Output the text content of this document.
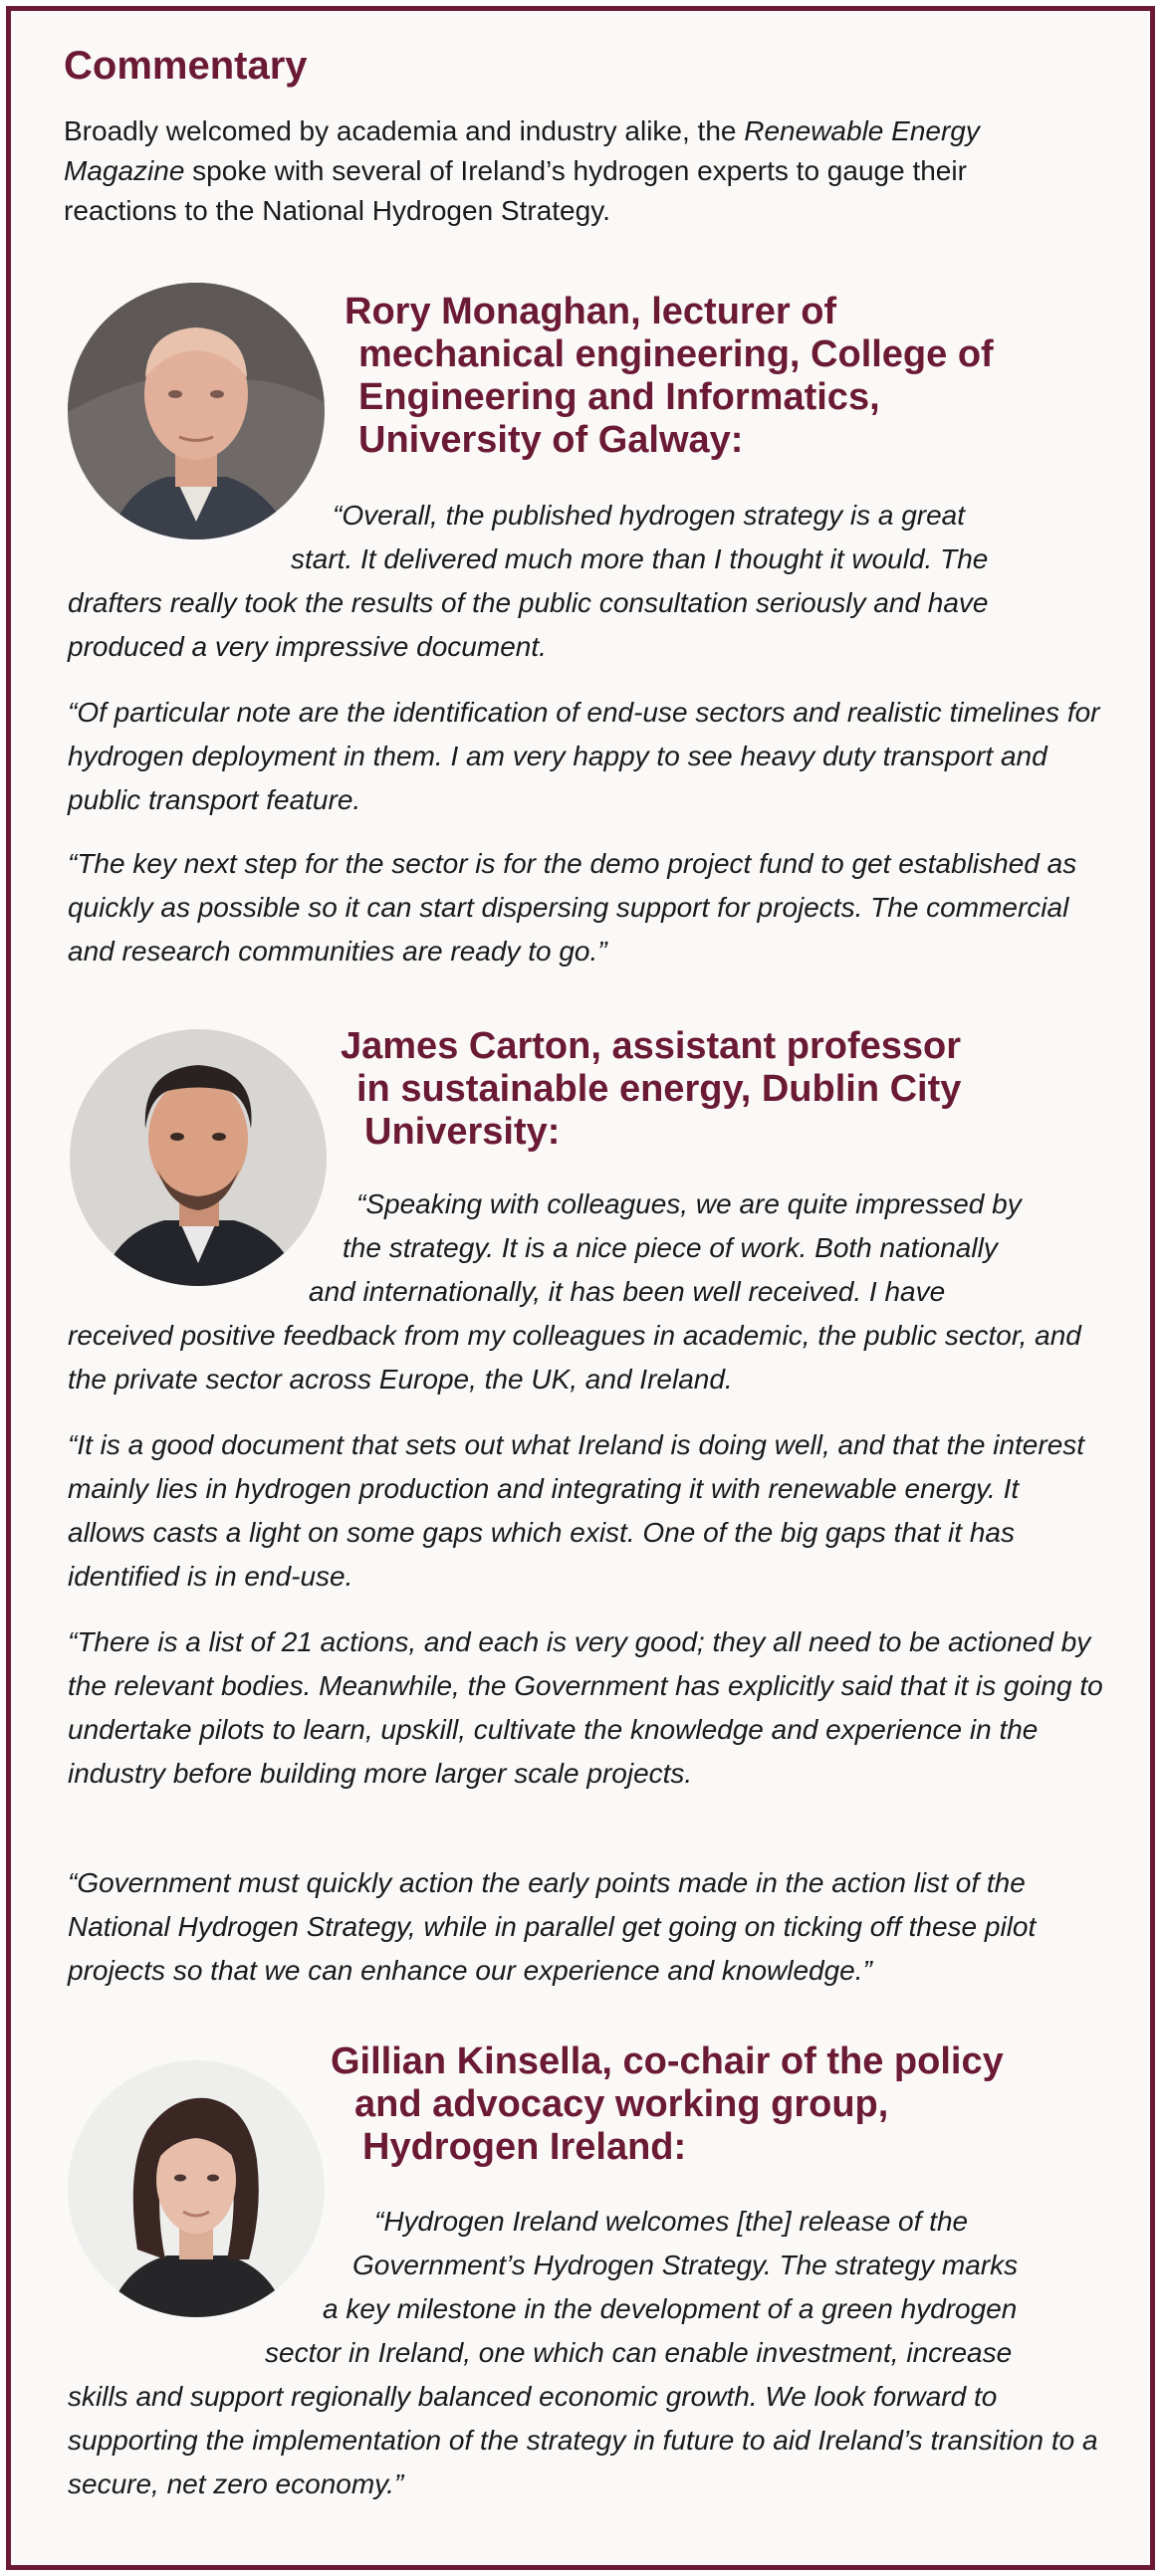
Commentary

Broadly welcomed by academia and industry alike, the Renewable Energy Magazine spoke with several of Ireland’s hydrogen experts to gauge their reactions to the National Hydrogen Strategy.

Rory Monaghan, lecturer of
mechanical engineering, College of
Engineering and Informatics,
University of Galway:

“Overall, the published hydrogen strategy is a great

start. It delivered much more than I thought it would. The

drafters really took the results of the public consultation seriously and have produced a very impressive document.

“Of particular note are the identification of end-use sectors and realistic timelines for hydrogen deployment in them. I am very happy to see heavy duty transport and public transport feature.

“The key next step for the sector is for the demo project fund to get established as quickly as possible so it can start dispersing support for projects. The commercial and research communities are ready to go.”

James Carton, assistant professor
in sustainable energy, Dublin City
University:

“Speaking with colleagues, we are quite impressed by

the strategy. It is a nice piece of work. Both nationally

and internationally, it has been well received. I have

received positive feedback from my colleagues in academic, the public sector, and the private sector across Europe, the UK, and Ireland.

“It is a good document that sets out what Ireland is doing well, and that the interest mainly lies in hydrogen production and integrating it with renewable energy. It allows casts a light on some gaps which exist. One of the big gaps that it has identified is in end-use.

“There is a list of 21 actions, and each is very good; they all need to be actioned by the relevant bodies. Meanwhile, the Government has explicitly said that it is going to undertake pilots to learn, upskill, cultivate the knowledge and experience in the industry before building more larger scale projects.

“Government must quickly action the early points made in the action list of the National Hydrogen Strategy, while in parallel get going on ticking off these pilot projects so that we can enhance our experience and knowledge.”

Gillian Kinsella, co-chair of the policy
and advocacy working group,
Hydrogen Ireland:

“Hydrogen Ireland welcomes [the] release of the

Government’s Hydrogen Strategy. The strategy marks

a key milestone in the development of a green hydrogen

sector in Ireland, one which can enable investment, increase

skills and support regionally balanced economic growth. We look forward to supporting the implementation of the strategy in future to aid Ireland’s transition to a secure, net zero economy.”
